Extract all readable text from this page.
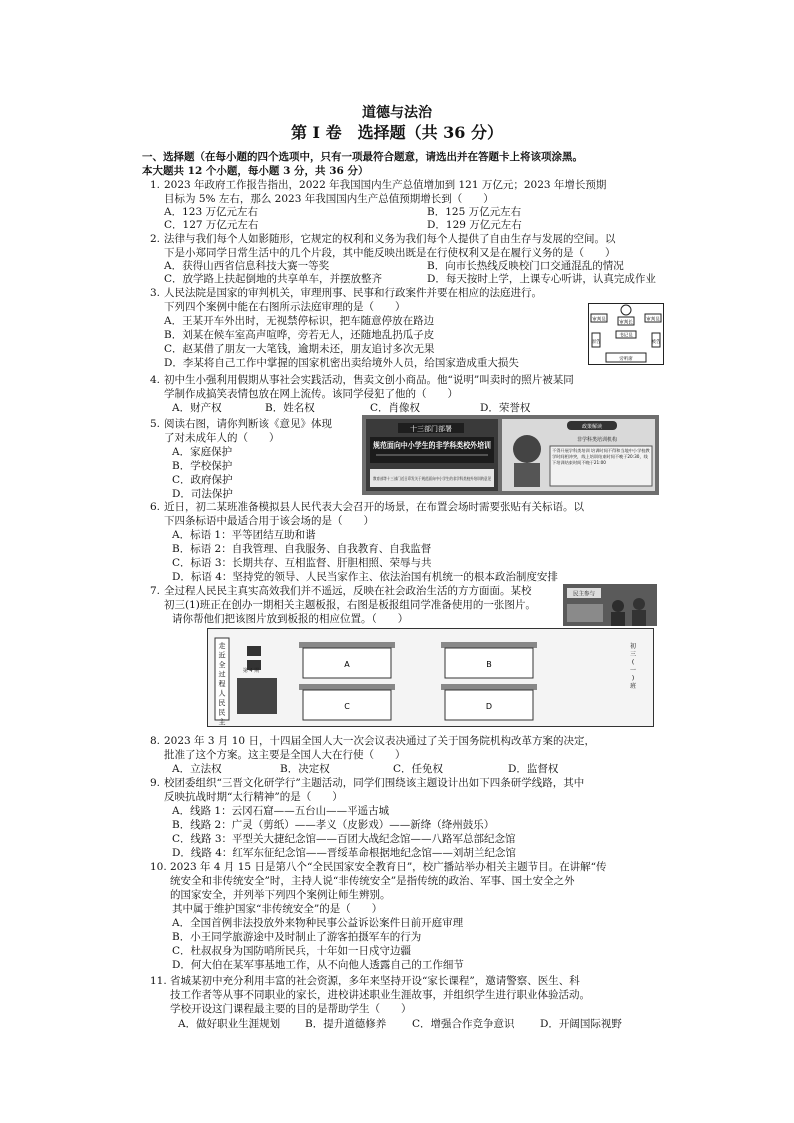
道德与法治
第 I 卷　选择题（共 36 分）
一、选择题（在每小题的四个选项中，只有一项最符合题意，请选出并在答题卡上将该项涂黑。
本大题共 12 个小题，每小题 3 分，共 36 分）
1. 2023 年政府工作报告指出，2022 年我国国内生产总值增加到 121 万亿元；2023 年增长预期
目标为 5% 左右，那么 2023 年我国国内生产总值预期增长到（　　）
A．123 万亿元左右	B．125 万亿元左右
C．127 万亿元左右	D．129 万亿元左右
2. 法律与我们每个人如影随形，它规定的权利和义务为我们每个人提供了自由生存与发展的空间。以
下是小郑同学日常生活中的几个片段，其中能反映出既是在行使权利又是在履行义务的是（　　）
A．获得山西省信息科技大赛一等奖	B．向市长热线反映校门口交通混乱的情况
C．放学路上扶起倒地的共享单车，并摆放整齐	D．每天按时上学，上课专心听讲，认真完成作业
3. 人民法院是国家的审判机关，审理刑事、民事和行政案件并要在相应的法庭进行。
下列四个案例中能在右图所示法庭审理的是（　　）
A．王某开车外出时，无视禁停标识，把车随意停放在路边
B．刘某在候车室高声喧哗，旁若无人，还随地乱扔瓜子皮
C．赵某借了朋友一大笔钱，逾期未还，朋友追讨多次无果
D．李某将自己工作中掌握的国家机密出卖给境外人员，给国家造成重大损失
审判员
审判长
审判员
书记员
原告	被告
旁听席
4. 初中生小强利用假期从事社会实践活动，售卖文创小商品。他“说明”叫卖时的照片被某同
学制作成搞笑表情包放在网上流传。该同学侵犯了他的（　　）
A．财产权	B．姓名权	C．肖像权	D．荣誉权
5. 阅读右图，请你判断该《意见》体现
了对未成年人的（　　）
A．家庭保护
B．学校保护
C．政府保护
D．司法保护
十三部门部署
规范面向中小学生的非学科类校外培训
教育部等十三部门近日印发关于规范面向中小学生的非学科类校外培训的意见
政策解读
非学科类培训机构
不得开展学科类培训 培训时间不得和当地中小学校教学时间相冲突，线上培训结束时间不晚于20:30，线下培训结束时间不晚于21:00
6. 近日，初二某班准备模拟县人民代表大会召开的场景，在布置会场时需要张贴有关标语。以
下四条标语中最适合用于该会场的是（　　）
A．标语 1：平等团结互助和谐
B．标语 2：自我管理、自我服务、自我教育、自我监督
C．标语 3：长期共存、互相监督、肝胆相照、荣辱与共
D．标语 4：坚持党的领导、人民当家作主、依法治国有机统一的根本政治制度安排
7. 全过程人民民主真实高效我们并不遥远，反映在社会政治生活的方方面面。某校
初三(1)班正在创办一期相关主题板报，右图是板报组同学准备使用的一张图片。
请你帮他们把该图片放到板报的相应位置。（　　）
民主参与
走近全过程人民民主
第 4 期
A	B
C	D
初三(一)班
8. 2023 年 3 月 10 日，十四届全国人大一次会议表决通过了关于国务院机构改革方案的决定，
批准了这个方案。这主要是全国人大在行使（　　）
A．立法权	B．决定权	C．任免权	D．监督权
9. 校团委组织“三晋文化研学行”主题活动，同学们围绕该主题设计出如下四条研学线路，其中
反映抗战时期“太行精神”的是（　　）
A．线路 1：云冈石窟——五台山——平遥古城
B．线路 2：广灵（剪纸）——孝义（皮影戏）——新绛（绛州鼓乐）
C．线路 3：平型关大捷纪念馆——百团大战纪念馆——八路军总部纪念馆
D．线路 4：红军东征纪念馆——晋绥革命根据地纪念馆——刘胡兰纪念馆
10. 2023 年 4 月 15 日是第八个“全民国家安全教育日”，校广播站举办相关主题节目。在讲解“传
统安全和非传统安全”时，主持人说“非传统安全”是指传统的政治、军事、国土安全之外
的国家安全，并列举下列四个案例让师生辨别。
其中属于维护国家“非传统安全”的是（　　）
A．全国首例非法投放外来物种民事公益诉讼案件日前开庭审理
B．小王同学旅游途中及时制止了游客拍摄军车的行为
C．杜叔叔身为国防哨所民兵，十年如一日戍守边疆
D．何大伯在某军事基地工作，从不向他人透露自己的工作细节
11. 省城某初中充分利用丰富的社会资源，多年来坚持开设“家长课程”，邀请警察、医生、科
技工作者等从事不同职业的家长，进校讲述职业生涯故事，并组织学生进行职业体验活动。
学校开设这门课程最主要的目的是帮助学生（　　）
A．做好职业生涯规划 B．提升道德修养 C．增强合作竞争意识 D．开阔国际视野
